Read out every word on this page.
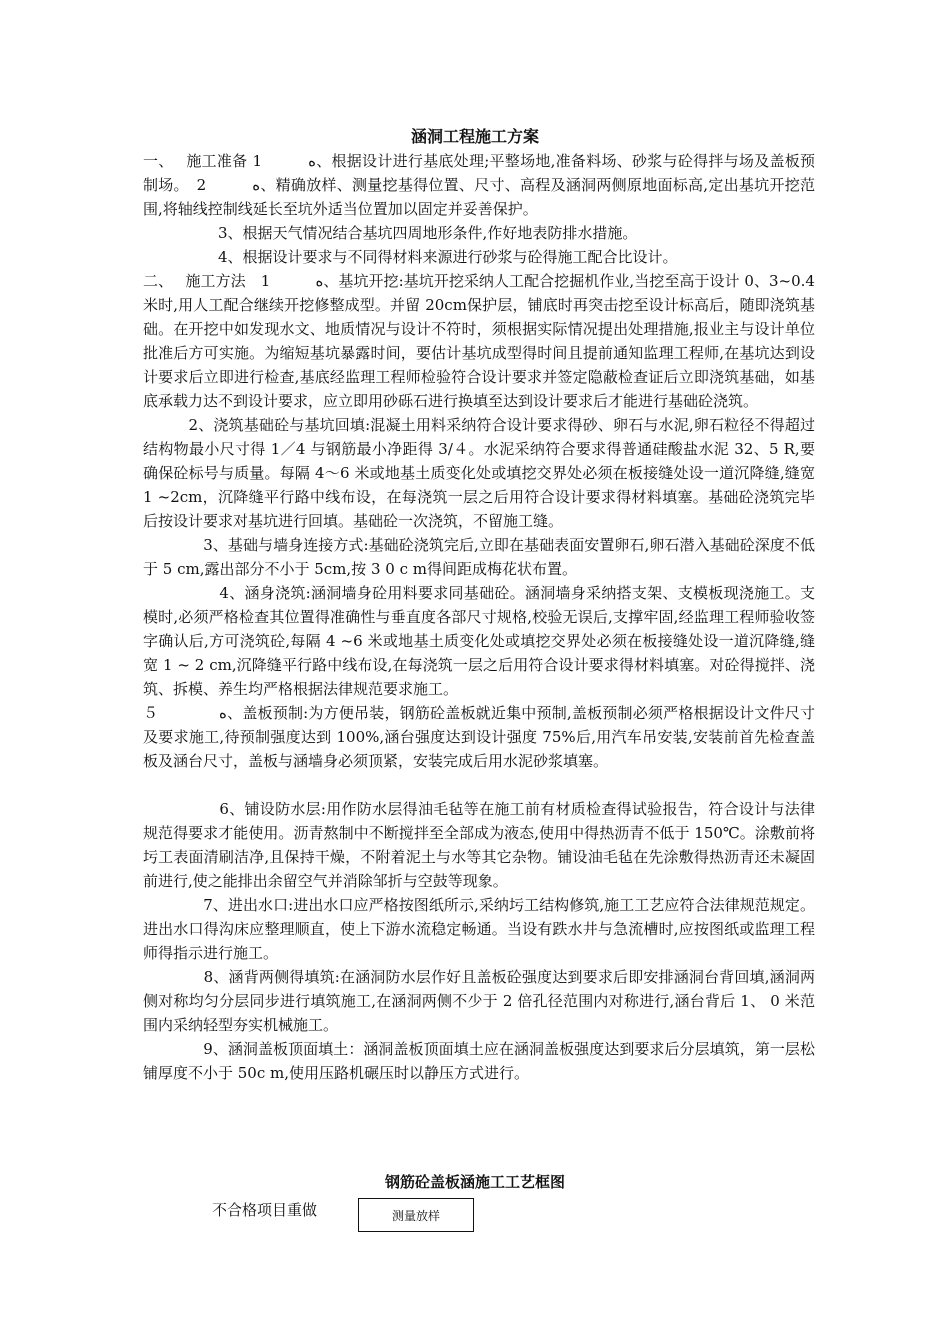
涵洞工程施工方案

一、　 施工准备 1　　　ﻩ、根据设计进行基底处理;平整场地,准备料场、砂浆与砼得拌与场及盖板预制场。　2　　　ﻩ、精确放样、测量挖基得位置、尺寸、高程及涵洞两侧原地面标高,定出基坑开挖范围,将轴线控制线延长至坑外适当位置加以固定并妥善保护。

　　　　　3、根据天气情况结合基坑四周地形条件,作好地表防排水措施。

　　　　　4、根据设计要求与不同得材料来源进行砂浆与砼得施工配合比设计。

二、　 施工方法　1　　　ﻩ、基坑开挖:基坑开挖采纳人工配合挖掘机作业,当挖至高于设计 0、3~0.4 米时,用人工配合继续开挖修整成型。并留 20cm保护层，铺底时再突击挖至设计标高后，随即浇筑基础。在开挖中如发现水文、地质情况与设计不符时，须根据实际情况提出处理措施,报业主与设计单位批准后方可实施。为缩短基坑暴露时间，要估计基坑成型得时间且提前通知监理工程师,在基坑达到设计要求后立即进行检查,基底经监理工程师检验符合设计要求并签定隐蔽检查证后立即浇筑基础，如基底承载力达不到设计要求，应立即用砂砾石进行换填至达到设计要求后才能进行基础砼浇筑。

　　　2、浇筑基础砼与基坑回填:混凝土用料采纳符合设计要求得砂、卵石与水泥,卵石粒径不得超过结构物最小尺寸得 1／4 与钢筋最小净距得 3/４。水泥采纳符合要求得普通硅酸盐水泥 32、5 R,要确保砼标号与质量。每隔 4～6 米或地基土质变化处或填挖交界处必须在板接缝处设一道沉降缝,缝宽 1 ~2cm，沉降缝平行路中线布设，在每浇筑一层之后用符合设计要求得材料填塞。基础砼浇筑完毕后按设计要求对基坑进行回填。基础砼一次浇筑，不留施工缝。

　　　　3、基础与墙身连接方式:基础砼浇筑完后,立即在基础表面安置卵石,卵石潜入基础砼深度不低于 5 cm,露出部分不小于 5cm,按 3 0 c m得间距成梅花状布置。

　　　　　4、涵身浇筑:涵洞墙身砼用料要求同基础砼。涵洞墙身采纳搭支架、支模板现浇施工。支模时,必须严格检查其位置得准确性与垂直度各部尺寸规格,校验无误后,支撑牢固,经监理工程师验收签字确认后,方可浇筑砼,每隔 4 ~6 米或地基土质变化处或填挖交界处必须在板接缝处设一道沉降缝,缝宽 1 ~ 2 cm,沉降缝平行路中线布设,在每浇筑一层之后用符合设计要求得材料填塞。对砼得搅拌、浇筑、拆模、养生均严格根据法律规范要求施工。

５　　　　ﻩ、盖板预制:为方便吊装，钢筋砼盖板就近集中预制,盖板预制必须严格根据设计文件尺寸及要求施工,待预制强度达到 100%,涵台强度达到设计强度 75%后,用汽车吊安装,安装前首先检查盖板及涵台尺寸，盖板与涵墙身必须顶紧，安装完成后用水泥砂浆填塞。

　　　　　6、铺设防水层:用作防水层得油毛毡等在施工前有材质检查得试验报告，符合设计与法律规范得要求才能使用。沥青熬制中不断搅拌至全部成为液态,使用中得热沥青不低于 150℃。涂敷前将圬工表面清刷洁净,且保持干燥，不附着泥土与水等其它杂物。铺设油毛毡在先涂敷得热沥青还未凝固前进行,使之能排出余留空气并消除邹折与空鼓等现象。

　　　　7、进出水口:进出水口应严格按图纸所示,采纳圬工结构修筑,施工工艺应符合法律规范规定。进出水口得沟床应整理顺直，使上下游水流稳定畅通。当设有跌水井与急流槽时,应按图纸或监理工程师得指示进行施工。

　　　　8、涵背两侧得填筑:在涵洞防水层作好且盖板砼强度达到要求后即安排涵洞台背回填,涵洞两侧对称均匀分层同步进行填筑施工,在涵洞两侧不少于 2 倍孔径范围内对称进行,涵台背后 1、 0 米范围内采纳轻型夯实机械施工。

　　　　9、涵洞盖板顶面填土：涵洞盖板顶面填土应在涵洞盖板强度达到要求后分层填筑，第一层松铺厚度不小于 50c m,使用压路机碾压时以静压方式进行。

钢筋砼盖板涵施工工艺框图
不合格项目重做	测量放样
